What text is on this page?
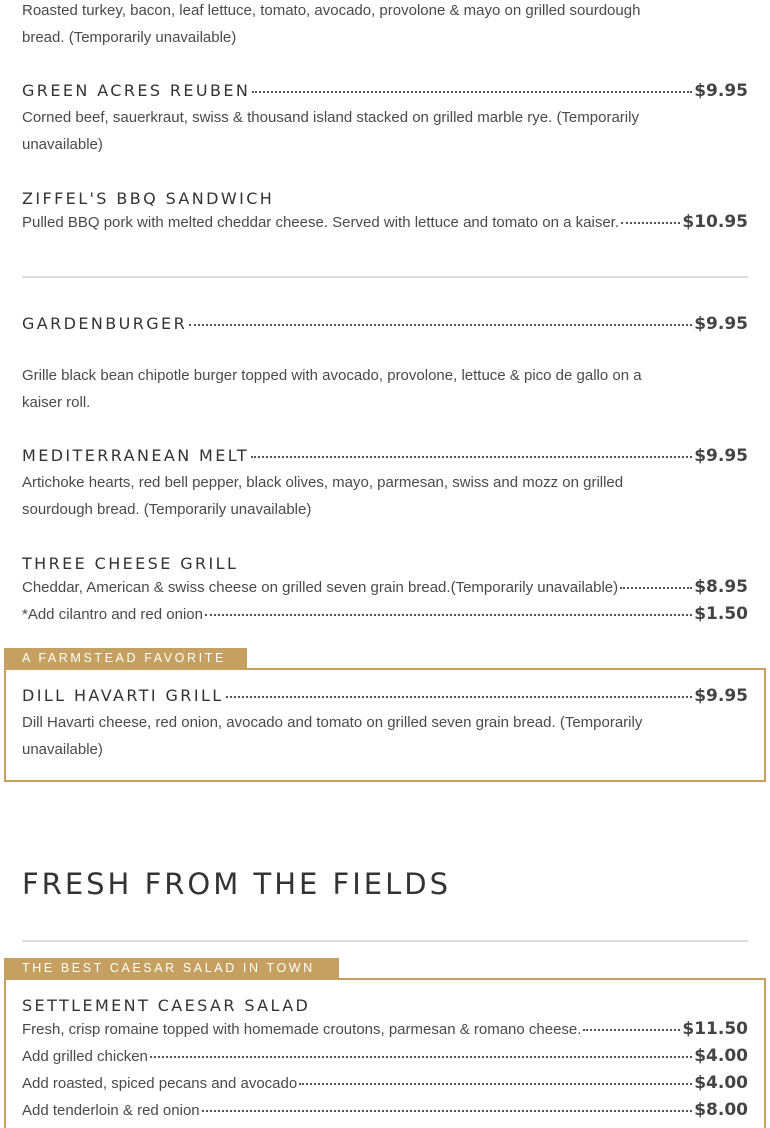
Roasted turkey, bacon, leaf lettuce, tomato, avocado, provolone & mayo on grilled sourdough bread. (Temporarily unavailable)

GREEN ACRES REUBEN	$9.95

Corned beef, sauerkraut, swiss & thousand island stacked on grilled marble rye. (Temporarily unavailable)

ZIFFEL'S BBQ SANDWICH
Pulled BBQ pork with melted cheddar cheese. Served with lettuce and tomato on a kaiser.	$10.95
GARDENBURGER	$9.95

Grille black bean chipotle burger topped with avocado, provolone, lettuce & pico de gallo on a kaiser roll.

MEDITERRANEAN MELT	$9.95

Artichoke hearts, red bell pepper, black olives, mayo, parmesan, swiss and mozz on grilled sourdough bread. (Temporarily unavailable)

THREE CHEESE GRILL
Cheddar, American & swiss cheese on grilled seven grain bread.(Temporarily unavailable)	$8.95
*Add cilantro and red onion	$1.50
A FARMSTEAD FAVORITE
DILL HAVARTI GRILL	$9.95

Dill Havarti cheese, red onion, avocado and tomato on grilled seven grain bread. (Temporarily unavailable)

FRESH FROM THE FIELDS
THE BEST CAESAR SALAD IN TOWN
SETTLEMENT CAESAR SALAD
Fresh, crisp romaine topped with homemade croutons, parmesan & romano cheese.	$11.50
Add grilled chicken	$4.00
Add roasted, spiced pecans and avocado	$4.00
Add tenderloin & red onion	$8.00
